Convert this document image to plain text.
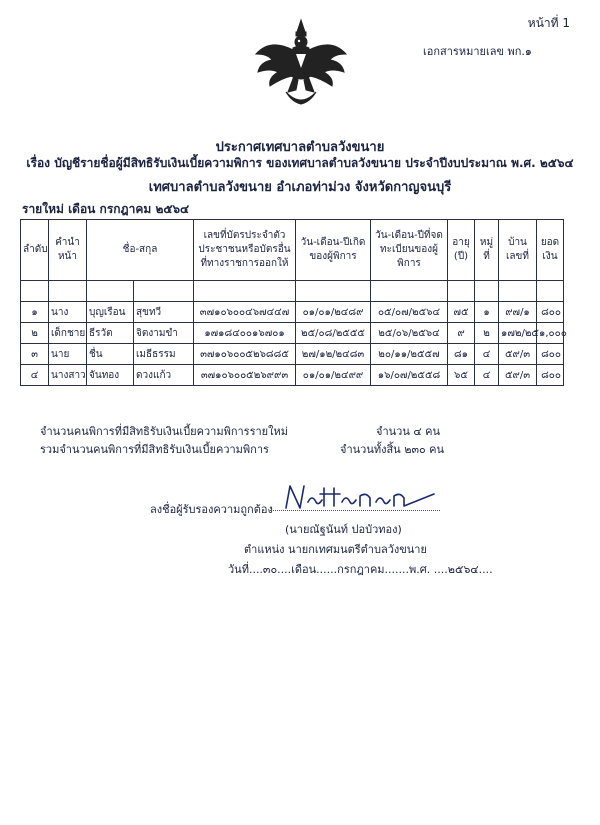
หน้าที่ 1
เอกสารหมายเลข พก.๑
ประกาศเทศบาลตำบลวังขนาย
เรื่อง บัญชีรายชื่อผู้มีสิทธิรับเงินเบี้ยความพิการ ของเทศบาลตำบลวังขนาย ประจำปีงบประมาณ พ.ศ. ๒๕๖๔
เทศบาลตำบลวังขนาย อำเภอท่าม่วง จังหวัดกาญจนบุรี
รายใหม่ เดือน กรกฎาคม ๒๕๖๔
ลำดับ	คำนำหน้า	ชื่อ-สกุล		เลขที่บัตรประจำตัวประชาชนหรือบัตรอื่นที่ทางราชการออกให้	วัน-เดือน-ปีเกิดของผู้พิการ	วัน-เดือน-ปีที่จดทะเบียนของผู้พิการ	อายุ (ปี)	หมู่ที่	บ้านเลขที่	ยอดเงิน

๑	นาง	บุญเรือน	สุขทวี	๓๗๑๐๖๐๐๔๖๗๔๔๗	๐๑/๐๑/๒๔๘๙	๐๕/๐๗/๒๕๖๔	๗๕	๑	๙๗/๑	๘๐๐
๒	เด็กชาย	ธีรวัต	จิตงามขำ	๑๗๑๘๔๐๐๑๖๗๐๑	๒๕/๐๘/๒๕๕๕	๒๕/๐๖/๒๕๖๔	๙	๒	๑๗๒/๒๕	๑,๐๐๐
๓	นาย	ชื่น	เมธีธรรม	๓๗๑๐๖๐๐๕๒๖๘๘๕	๒๗/๑๒/๒๔๘๓	๒๐/๑๑/๒๕๕๗	๘๑	๔	๕๙/๓	๘๐๐
๔	นางสาว	จันทอง	ดวงแก้ว	๓๗๑๐๖๐๐๕๒๖๙๙๓	๐๑/๐๑/๒๔๙๙	๑๖/๐๗/๒๕๕๘	๖๕	๔	๕๙/๓	๘๐๐
จำนวนคนพิการที่มีสิทธิรับเงินเบี้ยความพิการรายใหม่	จำนวน ๔ คน
รวมจำนวนคนพิการที่มีสิทธิรับเงินเบี้ยความพิการ	จำนวนทั้งสิ้น ๒๓๐ คน
ลงชื่อผู้รับรองความถูกต้อง
(นายณัฐนันท์ ปอบัวทอง)
ตำแหน่ง นายกเทศมนตรีตำบลวังขนาย
วันที่....๓๐....เดือน......กรกฎาคม.......พ.ศ. ....๒๕๖๔....
